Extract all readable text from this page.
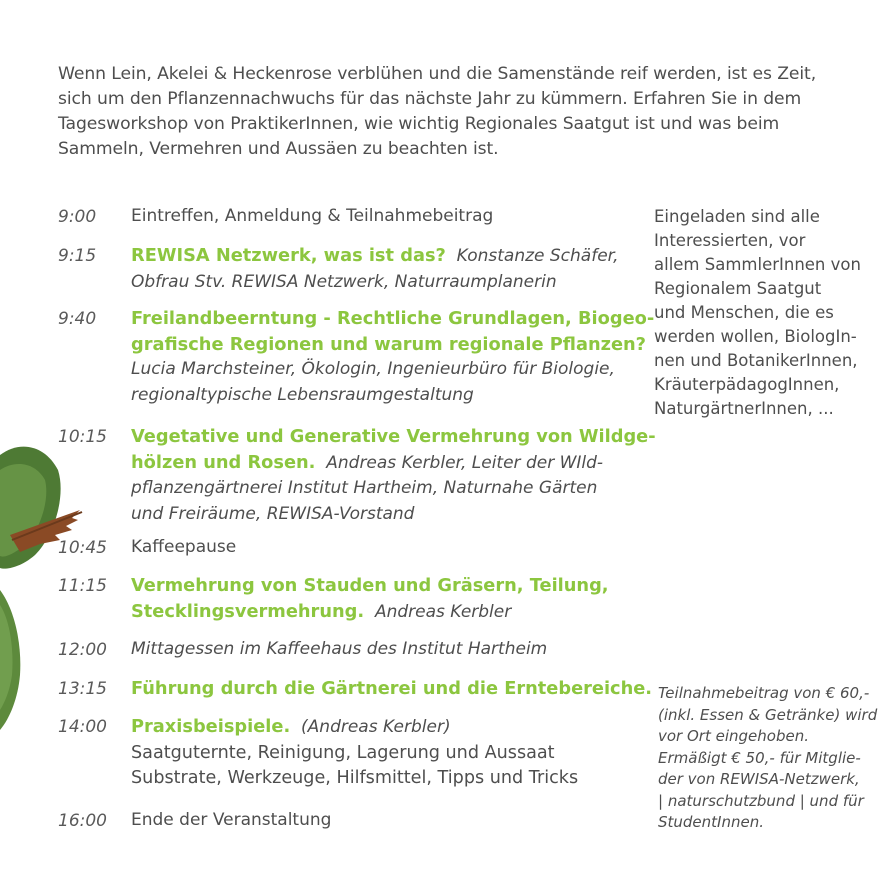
Wenn Lein, Akelei & Heckenrose verblühen und die Samenstände reif werden, ist es Zeit,
sich um den Pflanzennachwuchs für das nächste Jahr zu kümmern. Erfahren Sie in dem
Tagesworkshop von PraktikerInnen, wie wichtig Regionales Saatgut ist und was beim
Sammeln, Vermehren und Aussäen zu beachten ist.
9:00 Eintreffen, Anmeldung & Teilnahmebeitrag
9:15 REWISA Netzwerk, was ist das? Konstanze Schäfer,
Obfrau Stv. REWISA Netzwerk, Naturraumplanerin
9:40 Freilandbeerntung - Rechtliche Grundlagen, Biogeo-
grafische Regionen und warum regionale Pflanzen?
Lucia Marchsteiner, Ökologin, Ingenieurbüro für Biologie,
regionaltypische Lebensraumgestaltung
10:15 Vegetative und Generative Vermehrung von Wildge-
hölzen und Rosen. Andreas Kerbler, Leiter der WIld-
pflanzengärtnerei Institut Hartheim, Naturnahe Gärten
und Freiräume, REWISA-Vorstand
10:45 Kaffeepause
11:15 Vermehrung von Stauden und Gräsern, Teilung,
Stecklingsvermehrung. Andreas Kerbler
12:00 Mittagessen im Kaffeehaus des Institut Hartheim
13:15 Führung durch die Gärtnerei und die Erntebereiche.
14:00 Praxisbeispiele. (Andreas Kerbler)
Saatguternte, Reinigung, Lagerung und Aussaat
Substrate, Werkzeuge, Hilfsmittel, Tipps und Tricks
16:00 Ende der Veranstaltung
Eingeladen sind alle
Interessierten, vor
allem SammlerInnen von
Regionalem Saatgut
und Menschen, die es
werden wollen, BiologIn-
nen und BotanikerInnen,
KräuterpädagogInnen,
NaturgärtnerInnen, ...
Teilnahmebeitrag von € 60,-
(inkl. Essen & Getränke) wird
vor Ort eingehoben.
Ermäßigt € 50,- für Mitglie-
der von REWISA-Netzwerk,
| naturschutzbund | und für
StudentInnen.
